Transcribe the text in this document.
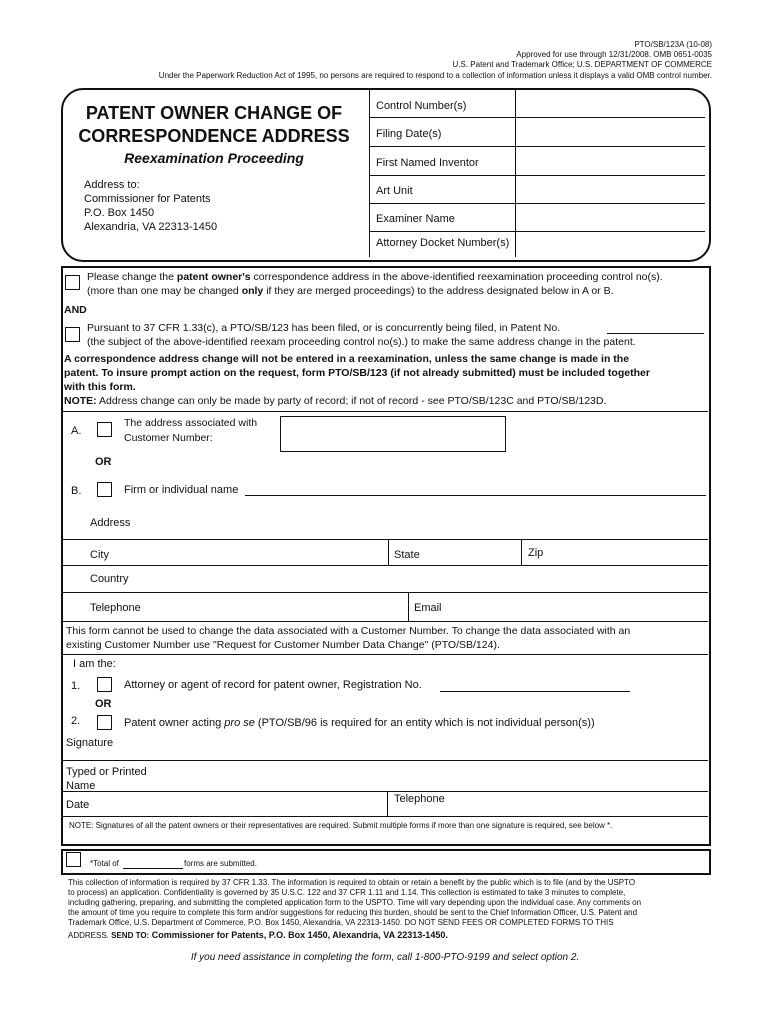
PTO/SB/123A (10-08)
Approved for use through 12/31/2008. OMB 0651-0035
U.S. Patent and Trademark Office; U.S. DEPARTMENT OF COMMERCE
Under the Paperwork Reduction Act of 1995, no persons are required to respond to a collection of information unless it displays a valid OMB control number.
PATENT OWNER CHANGE OF
CORRESPONDENCE ADDRESS
Reexamination Proceeding
Address to:
Commissioner for Patents
P.O. Box 1450
Alexandria, VA 22313-1450
Control Number(s)
Filing Date(s)
First Named Inventor
Art Unit
Examiner Name
Attorney Docket Number(s)
Please change the patent owner's correspondence address in the above-identified reexamination proceeding control no(s).
(more than one may be changed only if they are merged proceedings) to the address designated below in A or B.
AND
Pursuant to 37 CFR 1.33(c), a PTO/SB/123 has been filed, or is concurrently being filed, in Patent No.
(the subject of the above-identified reexam proceeding control no(s).) to make the same address change in the patent.
A correspondence address change will not be entered in a reexamination, unless the same change is made in the
patent. To insure prompt action on the request, form PTO/SB/123 (if not already submitted) must be included together
with this form.
NOTE: Address change can only be made by party of record; if not of record - see PTO/SB/123C and PTO/SB/123D.
A.
The address associated with
Customer Number:
OR
B.	Firm or individual name
Address
City	State	Zip
Country
Telephone	Email
This form cannot be used to change the data associated with a Customer Number. To change the data associated with an
existing Customer Number use "Request for Customer Number Data Change" (PTO/SB/124).
I am the:
1.	Attorney or agent of record for patent owner, Registration No.
OR
2.	Patent owner acting pro se (PTO/SB/96 is required for an entity which is not individual person(s))
Signature
Typed or Printed
Name
Date	Telephone
NOTE: Signatures of all the patent owners or their representatives are required. Submit multiple forms if more than one signature is required, see below *.
*Total of	forms are submitted.
This collection of information is required by 37 CFR 1.33. The information is required to obtain or retain a benefit by the public which is to file (and by the USPTO
to process) an application. Confidentiality is governed by 35 U.S.C. 122 and 37 CFR 1.11 and 1.14. This collection is estimated to take 3 minutes to complete,
including gathering, preparing, and submitting the completed application form to the USPTO. Time will vary depending upon the individual case. Any comments on
the amount of time you require to complete this form and/or suggestions for reducing this burden, should be sent to the Chief Information Officer, U.S. Patent and
Trademark Office, U.S. Department of Commerce, P.O. Box 1450, Alexandria, VA 22313-1450. DO NOT SEND FEES OR COMPLETED FORMS TO THIS
ADDRESS. SEND TO: Commissioner for Patents, P.O. Box 1450, Alexandria, VA 22313-1450.
If you need assistance in completing the form, call 1-800-PTO-9199 and select option 2.
